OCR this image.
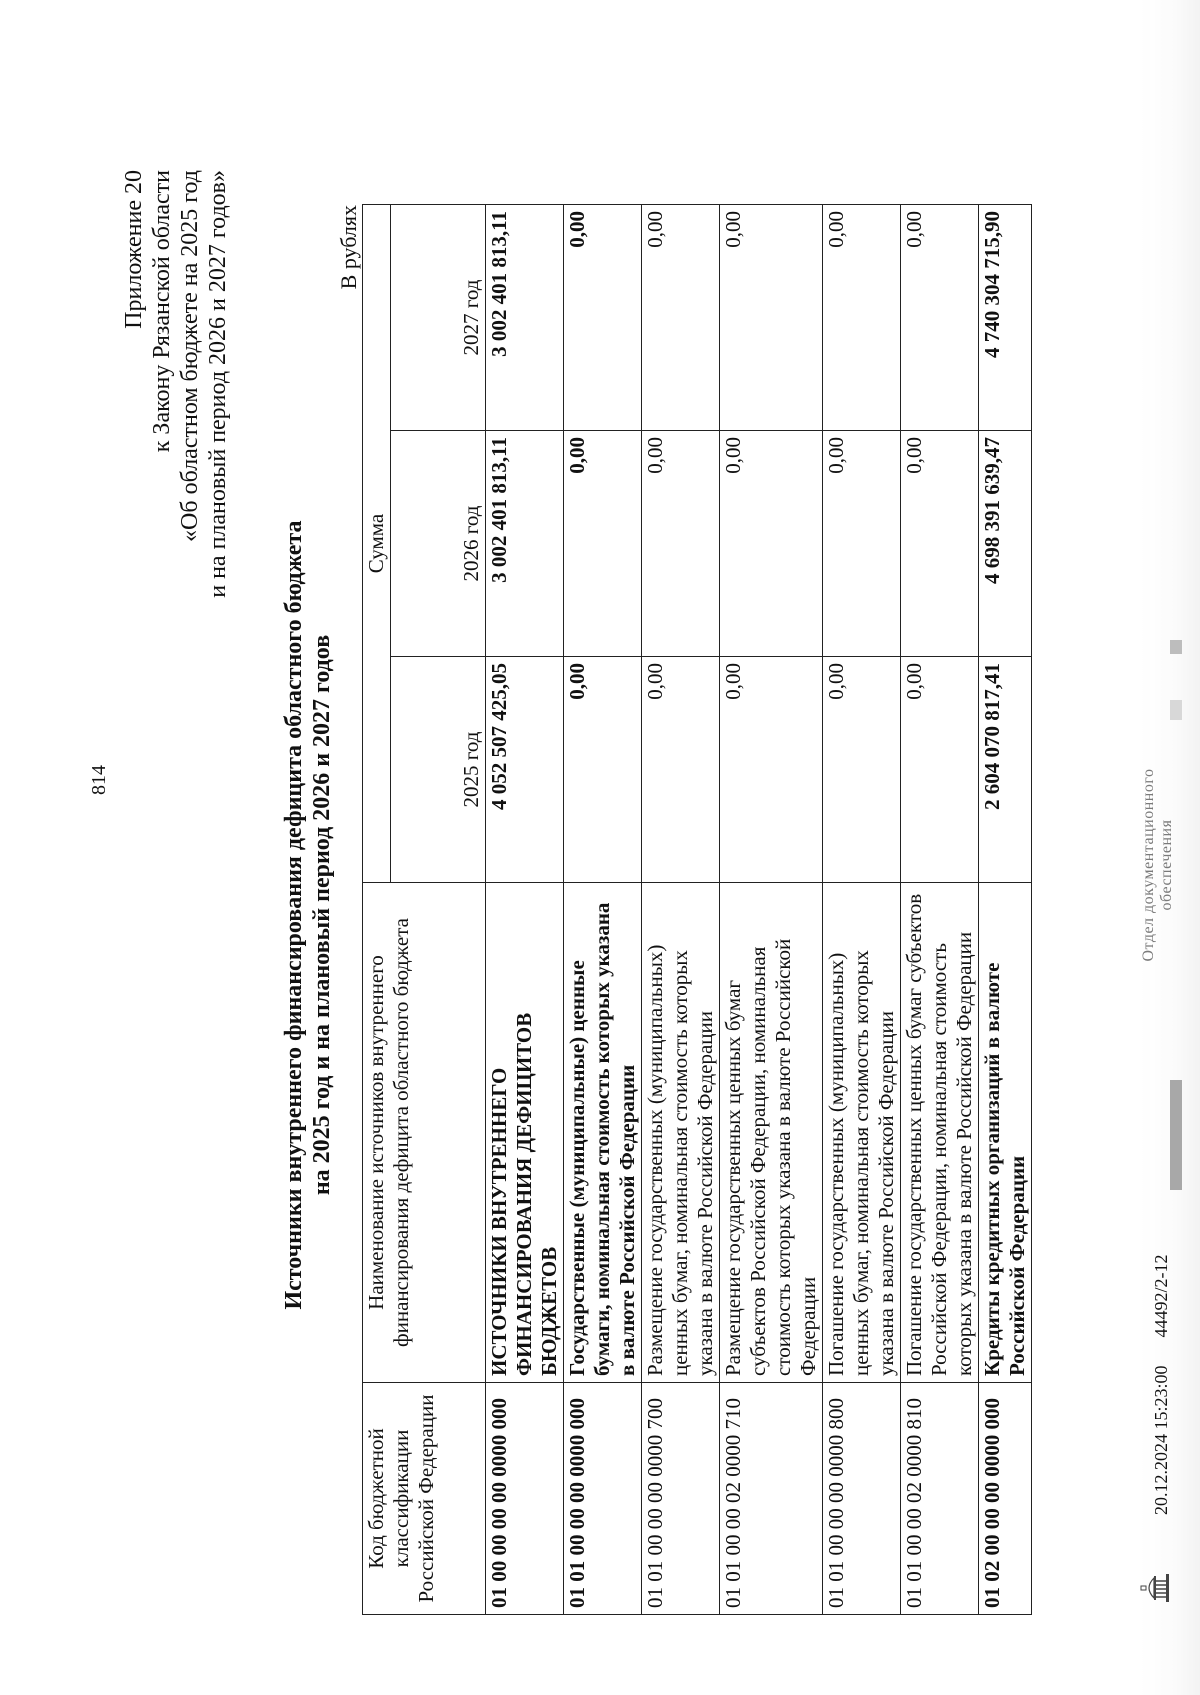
814
Приложение 20 к Закону Рязанской области «Об областном бюджете на 2025 год и на плановый период 2026 и 2027 годов»
Источники внутреннего финансирования дефицита областного бюджета на 2025 год и на плановый период 2026 и 2027 годов
В рублях
Код бюджетной классификации Российской Федерации	Наименование источников внутреннего финансирования дефицита областного бюджета	Сумма		
		2025 год	2026 год	2027 год
01 00 00 00 00 0000 000	ИСТОЧНИКИ ВНУТРЕННЕГО ФИНАНСИРОВАНИЯ ДЕФИЦИТОВ БЮДЖЕТОВ	4 052 507 425,05	3 002 401 813,11	3 002 401 813,11
01 01 00 00 00 0000 000	Государственные (муниципальные) ценные бумаги, номинальная стоимость которых указана в валюте Российской Федерации	0,00	0,00	0,00
01 01 00 00 00 0000 700	Размещение государственных (муниципальных) ценных бумаг, номинальная стоимость которых указана в валюте Российской Федерации	0,00	0,00	0,00
01 01 00 00 02 0000 710	Размещение государственных ценных бумаг субъектов Российской Федерации, номинальная стоимость которых указана в валюте Российской Федерации	0,00	0,00	0,00
01 01 00 00 00 0000 800	Погашение государственных (муниципальных) ценных бумаг, номинальная стоимость которых указана в валюте Российской Федерации	0,00	0,00	0,00
01 01 00 00 02 0000 810	Погашение государственных ценных бумаг субъектов Российской Федерации, номинальная стоимость которых указана в валюте Российской Федерации	0,00	0,00	0,00
01 02 00 00 00 0000 000	Кредиты кредитных организаций в валюте Российской Федерации	2 604 070 817,41	4 698 391 639,47	4 740 304 715,90
20.12.2024 15:23:00
44492/2-12
Отдел документационного обеспечения
